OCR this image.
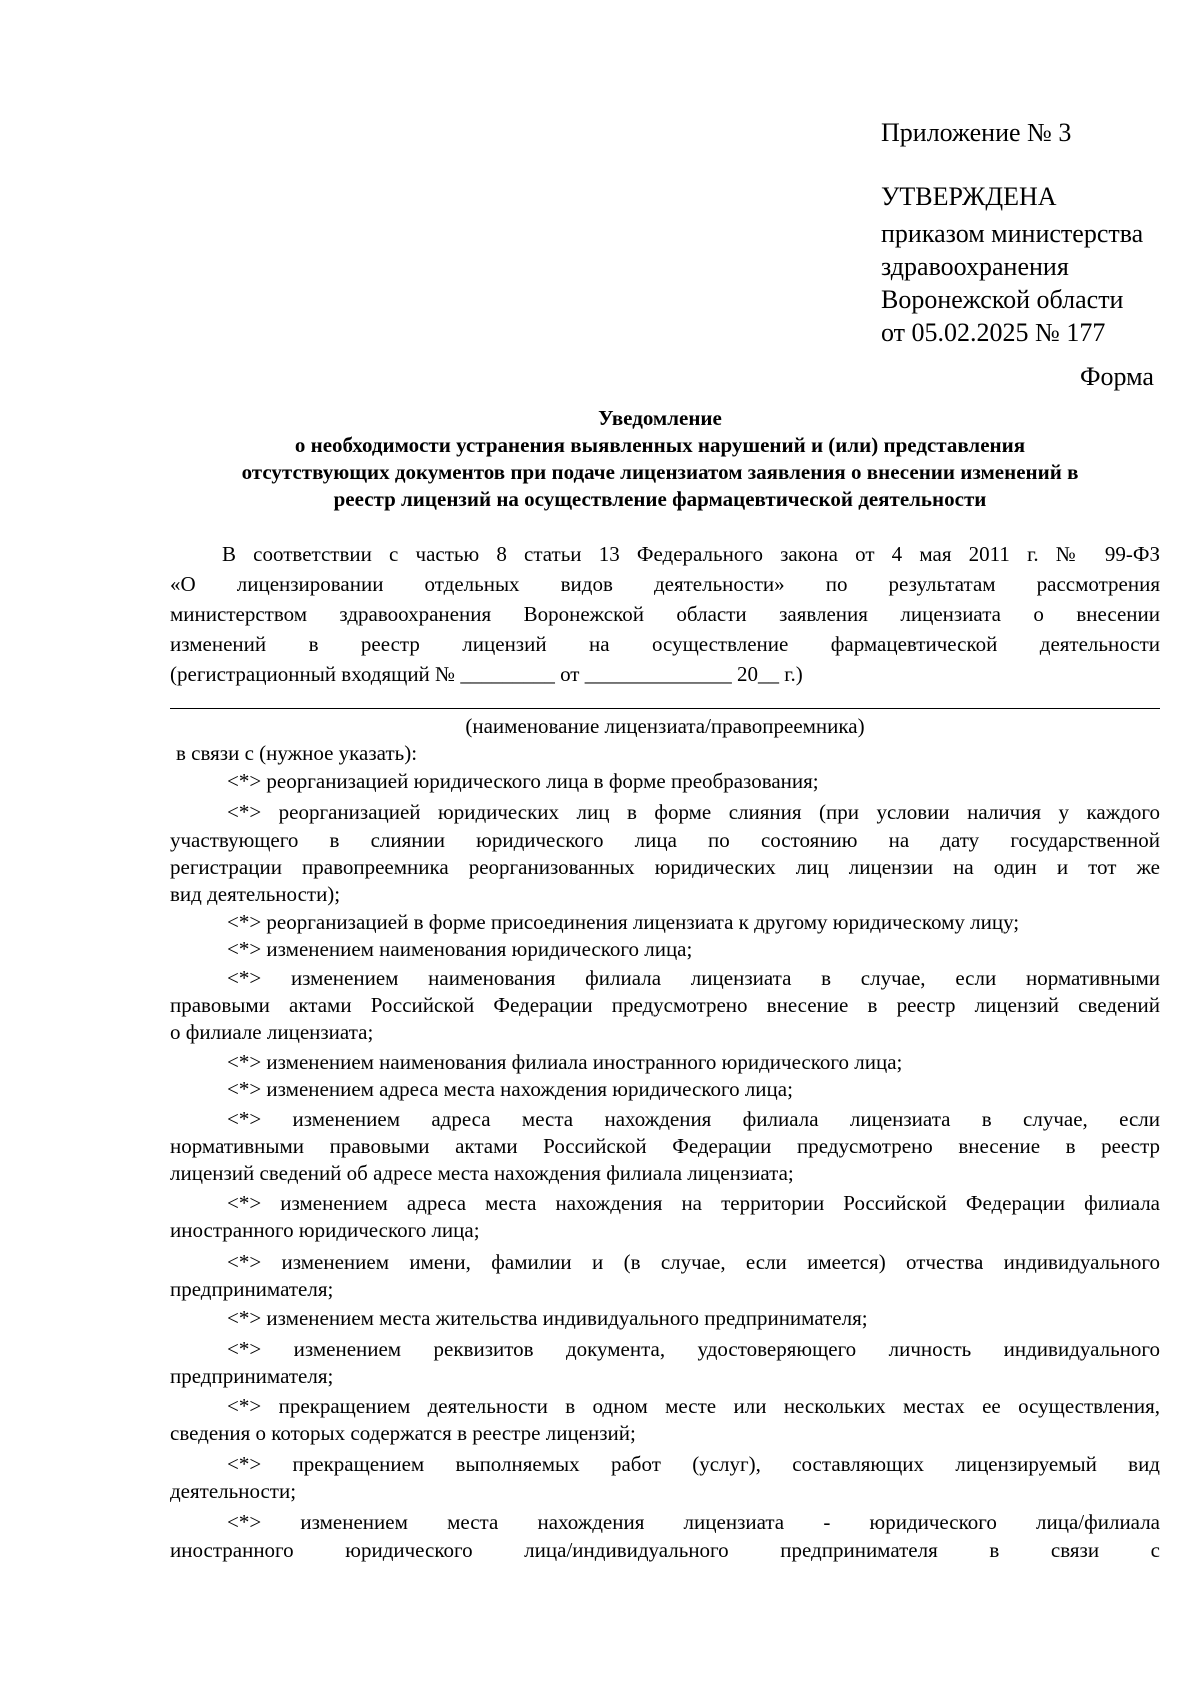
Приложение № 3
УТВЕРЖДЕНА
приказом министерства
здравоохранения
Воронежской области
от 05.02.2025 № 177
Форма
Уведомление
о необходимости устранения выявленных нарушений и (или) представления
отсутствующих документов при подаче лицензиатом заявления о внесении изменений в
реестр лицензий на осуществление фармацевтической деятельности
В соответствии с частью 8 статьи 13 Федерального закона от 4 мая 2011 г. № 99-ФЗ
«О лицензировании отдельных видов деятельности» по результатам рассмотрения
министерством здравоохранения Воронежской области заявления лицензиата о внесении
изменений в реестр лицензий на осуществление фармацевтической деятельности
(регистрационный входящий № _________ от ______________ 20__ г.)
(наименование лицензиата/правопреемника)
в связи с (нужное указать):
<*> реорганизацией юридического лица в форме преобразования;
<*> реорганизацией юридических лиц в форме слияния (при условии наличия у каждого
участвующего в слиянии юридического лица по состоянию на дату государственной
регистрации правопреемника реорганизованных юридических лиц лицензии на один и тот же
вид деятельности);
<*> реорганизацией в форме присоединения лицензиата к другому юридическому лицу;
<*> изменением наименования юридического лица;
<*> изменением наименования филиала лицензиата в случае, если нормативными
правовыми актами Российской Федерации предусмотрено внесение в реестр лицензий сведений
о филиале лицензиата;
<*> изменением наименования филиала иностранного юридического лица;
<*> изменением адреса места нахождения юридического лица;
<*> изменением адреса места нахождения филиала лицензиата в случае, если
нормативными правовыми актами Российской Федерации предусмотрено внесение в реестр
лицензий сведений об адресе места нахождения филиала лицензиата;
<*> изменением адреса места нахождения на территории Российской Федерации филиала
иностранного юридического лица;
<*> изменением имени, фамилии и (в случае, если имеется) отчества индивидуального
предпринимателя;
<*> изменением места жительства индивидуального предпринимателя;
<*> изменением реквизитов документа, удостоверяющего личность индивидуального
предпринимателя;
<*> прекращением деятельности в одном месте или нескольких местах ее осуществления,
сведения о которых содержатся в реестре лицензий;
<*> прекращением выполняемых работ (услуг), составляющих лицензируемый вид
деятельности;
<*> изменением места нахождения лицензиата - юридического лица/филиала
иностранного юридического лица/индивидуального предпринимателя в связи с
